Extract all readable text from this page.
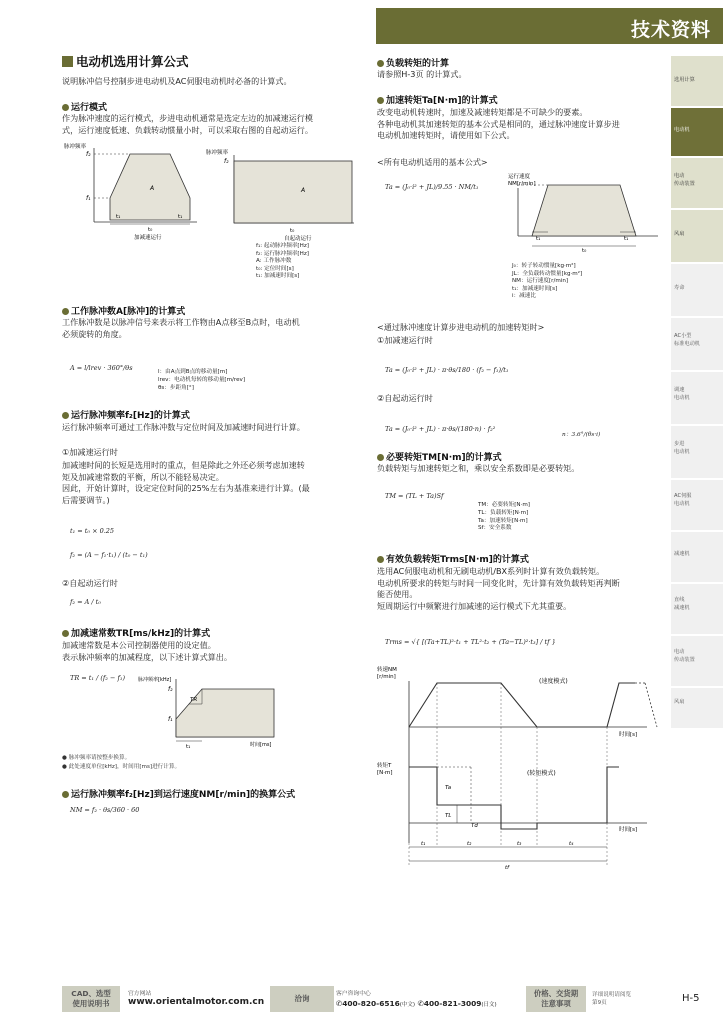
技术资料
选用计算
电动机
电动
传动装置
风扇
寿命
AC小型
标准电动机
调速
电动机
步进
电动机
AC伺服
电动机
减速机
直线
减速机
电动
传动装置
风扇
电动机选用计算公式
说明脉冲信号控制步进电动机及AC伺服电动机时必备的计算式。
运行模式
作为脉冲速度的运行模式，步进电动机通常是选定左边的加减速运行模
式，运行速度低速、负载转动惯量小时，可以采取右图的自起动运行。
脉冲频率
f₂
f₁
A
t₁	t₁
t₀
加减速运行
脉冲频率
f₂
A
t₀
自起动运行
f₁: 起动脉冲频率[Hz]
f₂: 运行脉冲频率[Hz]
A: 工作脉冲数
t₀: 定位时间[s]
t₁: 加减速时间[s]
工作脉冲数A[脉冲]的计算式
工作脉冲数是以脉冲信号来表示将工作物由A点移至B点时，电动机
必须旋转的角度。
A = l/lrev · 360°/θs	l：由A点到B点的移动量[m]
lrev：电动机每转的移动量[m/rev]
θs：步距角[°]
运行脉冲频率f₂[Hz]的计算式
运行脉冲频率可通过工作脉冲数与定位时间及加减速时间进行计算。
①加减速运行时
加减速时间的长短是选用时的重点，但是除此之外还必须考虑加速转
矩及加减速常数的平衡，所以不能轻易决定。
因此，开始计算时，设定定位时间的25%左右为基准来进行计算。(最
后需要调节。)
t₁ = t₀ × 0.25
f₂ = (A − f₁·t₁) / (t₀ − t₁)
②自起动运行时
f₂ = A / t₀
加减速常数TR[ms/kHz]的计算式
加减速常数是本公司控制器使用的设定值。
表示脉冲频率的加减程度，以下述计算式算出。
TR = t₁ / (f₂ − f₁)	脉冲频率[kHz]
f₂
f₁
TR
t₁	时间[ms]
● 脉冲频率请按整步换算。
● 此处速度单位[kHz]，时间用[ms]进行计算。
运行脉冲频率f₂[Hz]到运行速度NM[r/min]的换算公式
NM = f₂ · θs/360 · 60
负载转矩的计算
请参照H-3页 的计算式。
加速转矩Ta[N·m]的计算式
改变电动机转速时，加速及减速转矩都是不可缺少的要素。
各种电动机其加速转矩的基本公式是相同的，通过脉冲速度计算步进
电动机加速转矩时，请使用如下公式。
<所有电动机适用的基本公式>
Ta = (J₀·i² + JL)/9.55 · NM/t₁
运行速度
NM[r/min]
t₁	t₁
t₀
J₀：转子转动惯量[kg·m²]
JL：全负载转动惯量[kg·m²]
NM：运行速度[r/min]
t₁：加减速时间[s]
i：减速比
<通过脉冲速度计算步进电动机的加速转矩时>
①加减速运行时
Ta = (J₀·i² + JL) · π·θs/180 · (f₂ − f₁)/t₁
②自起动运行时
Ta = (J₀·i² + JL) · π·θs/(180·n) · f₂²
n：3.6°/(θs·i)
必要转矩TM[N·m]的计算式
负载转矩与加速转矩之和，乘以安全系数即是必要转矩。
TM = (TL + Ta)Sf
TM：必要转矩[N·m]
TL：负载转矩[N·m]
Ta：加速转矩[N·m]
Sf：安全系数
有效负载转矩Trms[N·m]的计算式
选用AC伺服电动机和无刷电动机/BX系列时计算有效负载转矩。
电动机所要求的转矩与时间一同变化时，先计算有效负载转矩再判断
能否使用。
短周期运行中频繁进行加减速的运行模式下尤其重要。
Trms = √{ [(Ta+TL)²·t₁ + TL²·t₂ + (Ta−TL)²·t₃] / tf }
转速NM
[r/min]
(速度模式)
时间[s]
转矩T
[N·m]
Ta
TL
Td
(转矩模式)
时间[s]
t₁	t₂	t₃	t₄
tf
CAD、选型
使用说明书
官方网站
www.orientalmotor.com.cn	洽询	客户咨询中心
✆400-820-6516(中文) ✆400-821-3009(日文)
价格、交货期
注意事项
详细说明请阅览
第9页	H-5
